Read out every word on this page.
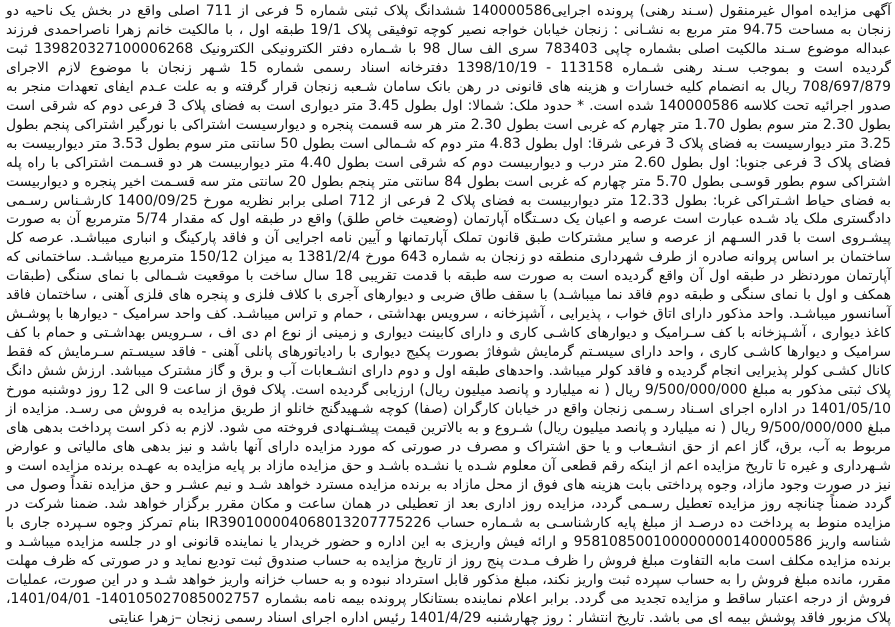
آگهی مزایده اموال غیرمنقول (سـند رهنی) پرونده اجرایی140000586 ششدانگ پلاک ثبتی شماره 5 فرعی از 711 اصلی واقع در بخش یک ناحیه دو زنجان به مساحت 94.75 متر مربع به نشـانی : زنجان خیابان خواجه نصیر کوچه توفیقی پلاک 19/1 طبقه اول ، با مالکیت خانم زهرا ناصراحمدی فرزند عبداله موضوع سـند مالکیت اصلی بشماره چاپی 783403 سری الف سال 98 با شـماره دفتر الکترونیکی الکترونیک 139820327100006268 ثبت گردیده است و بموجب سـند رهنی شـماره 113158 - 1398/10/19 دفترخانه اسناد رسمی شماره 15 شـهر زنجان با موضوع لازم الاجرای 708/697/879 ریال به انضمام کلیه خسارات و هزینه های قانونی در رهن بانک سامان شـعبه زنجان قرار گرفته و به علت عـدم ایفای تعهدات منجر به صدور اجرائیه تحت کلاسه 140000586 شده است. * حدود ملک: شمالا: اول بطول 3.45 متر دیواری است به فضای پلاک 3 فرعی دوم که شرقی است بطول 2.30 متر سوم بطول 1.70 متر چهارم که غربی است بطول 2.30 متر هر سه قسمت پنجره و دیوارسیست اشتراکی با نورگیر اشتراکی پنجم بطول 3.25 متر دیوارسیست به فضای پلاک 3 فرعی شرقا: اول بطول 4.83 متر دوم که شـمالی است بطول 50 سانتی متر سوم بطول 3.53 متر دیواربیست به فضای پلاک 3 فرعی جنوبا: اول بطول 2.60 متر درب و دیواربیست دوم که شرقی است بطول 4.40 متر دیواربیست هر دو قسـمت اشتراکی با راه پله اشتراکی سوم بطور قوسـی بطول 5.70 متر چهارم که غربی است بطول 84 سانتی متر پنجم بطول 20 سانتی متر سه قسـمت اخیر پنجره و دیواربیست به فضای حیاط اشـتراکی غربا: بطول 12.33 متر دیواربیست به فضای پلاک 2 فرعی از 712 اصلی برابر نظریه مورخ 1400/09/25 کارشـناس رسـمی دادگستری ملک یاد شـده عبارت است عرصه و اعیان یک دسـتگاه آپارتمان (وضعیت خاص طلق) واقع در طبقه اول که مقدار 5/74 مترمربع آن به صورت پیشـروی است با قدر السـهم از عرصه و سایر مشترکات طبق قانون تملک آپارتمانها و آیین نامه اجرایی آن و فاقد پارکینگ و انباری میباشـد. عرصه کل ساختمان بر اساس پروانه صادره از طرف شهرداری منطقه دو زنجان به شماره 643 مورخ 1381/2/4 به میزان 150/12 مترمربع میباشـد. ساختمانی که آپارتمان موردنظر در طبقه اول آن واقع گردیده است به صورت سه طبقه با قدمت تقریبی 18 سال ساخت با موقعیت شـمالی با نمای سنگی (طبقات همکف و اول با نمای سنگی و طبقه دوم فاقد نما میباشـد) با سقف طاق ضربی و دیوارهای آجری با کلاف فلزی و پنجره های فلزی آهنی ، ساختمان فاقد آسانسور میباشـد. واحد مذکور دارای اتاق خواب ، پذیرایی ، آشپزخانه ، سرویس بهداشتی ، حمام و تراس میباشـد. کف واحد سرامیک - دیوارها با پوشـش کاغذ دیواری ، آشـپزخانه با کف سـرامیک و دیوارهای کاشـی کاری و دارای کابینت دیواری و زمینی از نوع ام دی اف ، سـرویس بهداشـتی و حمام با کف سرامیک و دیوارها کاشـی کاری ، واحد دارای سیسـتم گرمایش شوفاژ بصورت پکیج دیواری با رادیاتورهای پانلی آهنی - فاقد سیسـتم سـرمایش که فقط کانال کشـی کولر پذیرایی انجام گردیده و فاقد کولر میباشد. واحدهای طبقه اول و دوم دارای انشـعابات آب و برق و گاز مشترک میباشد. ارزش شش دانگ پلاک ثبتی مذکور به مبلغ 9/500/000/000 ریال ( نه میلیارد و پانصد میلیون ریال) ارزیابی گردیده است. پلاک فوق از ساعت 9 الی 12 روز دوشنبه مورخ 1401/05/10 در اداره اجرای اسـناد رسـمی زنجان واقع در خیابان کارگران (صفا) کوچه شـهیدگنج خانلو از طریق مزایده به فروش می رسـد. مزایده از مبلغ 9/500/000/000 ریال ( نه میلیارد و پانصد میلیون ریال) شـروع و به بالاترین قیمت پیشـنهادی فروخته می شود. لازم به ذکر است پرداخت بدهی های مربوط به آب، برق، گاز اعم از حق انشـعاب و یا حق اشتراک و مصرف در صورتی که مورد مزایده دارای آنها باشد و نیز بدهی های مالیاتی و عوارض شـهرداری و غیره تا تاریخ مزایده اعم از اینکه رقم قطعی آن معلوم شـده یا نشـده باشـد و حق مزایده مازاد بر پایه مزایده به عهـده برنده مزایده است و نیز در صورت وجود مازاد، وجوه پرداختی بابت هزینه های فوق از محل مازاد به برنده مزایده مسترد خواهد شـد و نیم عشـر و حق مزایده نقداً وصول می گردد ضمناً چنانچه روز مزایده تعطیل رسـمی گردد، مزایده روز اداری بعد از تعطیلی در همان ساعت و مکان مقرر برگزار خواهد شد. ضمنا شرکت در مزایده منوط به پرداخت ده درصـد از مبلغ پایه کارشناسـی به شـماره حساب IR390100004068013207775226 بنام تمرکز وجوه سـپرده جاری با شناسه واریز 958108500100000000140000586 و ارائه فیش واریزی به این اداره و حضور خریدار یا نماینده قانونی او در جلسه مزایده میباشـد و برنده مزایده مکلف است مابه التفاوت مبلغ فروش را ظرف مـدت پنج روز از تاریخ مزایده به حساب صندوق ثبت تودیع نماید و در صورتی که ظرف مهلت مقرر، مانده مبلغ فروش را به حساب سپرده ثبت واریز نکند، مبلغ مذکور قابل استرداد نبوده و به حساب خزانه واریز خواهد شـد و در این صورت، عملیات فروش از درجه اعتبار ساقط و مزایده تجدید می گردد. برابر اعلام نماینده بستانکار پرونده بیمه نامه بشماره 140105027085002757- 1401/04/01، پلاک مزبور فاقد پوشش بیمه ای می باشد. تاریخ انتشار : روز چهارشنبه 1401/4/29 رئیس اداره اجرای اسناد رسمی زنجان –زهرا عنایتی
